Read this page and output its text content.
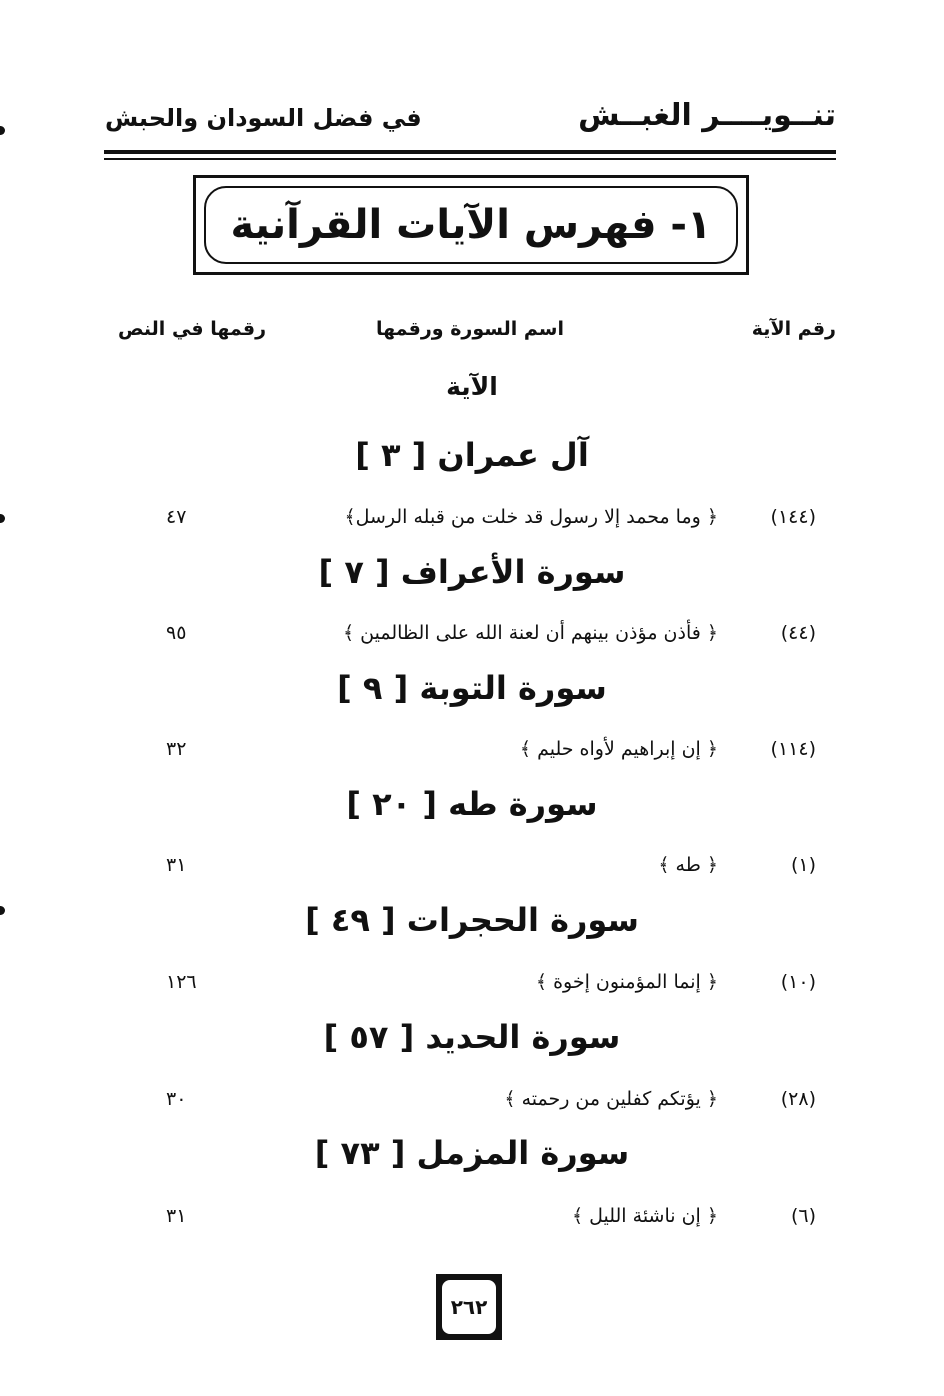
تنــويــــر الغبــش
في فضل السودان والحبش
١- فهرس الآيات القرآنية
رقم الآية
اسم السورة ورقمها
رقمها في النص
الآية
آل عمران [ ٣ ]
(١٤٤)
﴿ وما محمد إلا رسول قد خلت من قبله الرسل﴾
٤٧
سورة الأعراف [ ٧ ]
(٤٤)
﴿ فأذن مؤذن بينهم أن لعنة الله على الظالمين ﴾
٩٥
سورة التوبة [ ٩ ]
(١١٤)
﴿ إن إبراهيم لأواه حليم ﴾
٣٢
سورة طه [ ٢٠ ]
(١)
﴿ طه ﴾
٣١
سورة الحجرات [ ٤٩ ]
(١٠)
﴿ إنما المؤمنون إخوة ﴾
١٢٦
سورة الحديد [ ٥٧ ]
(٢٨)
﴿ يؤتكم كفلين من رحمته ﴾
٣٠
سورة المزمل [ ٧٣ ]
(٦)
﴿ إن ناشئة الليل ﴾
٣١
٢٦٢
